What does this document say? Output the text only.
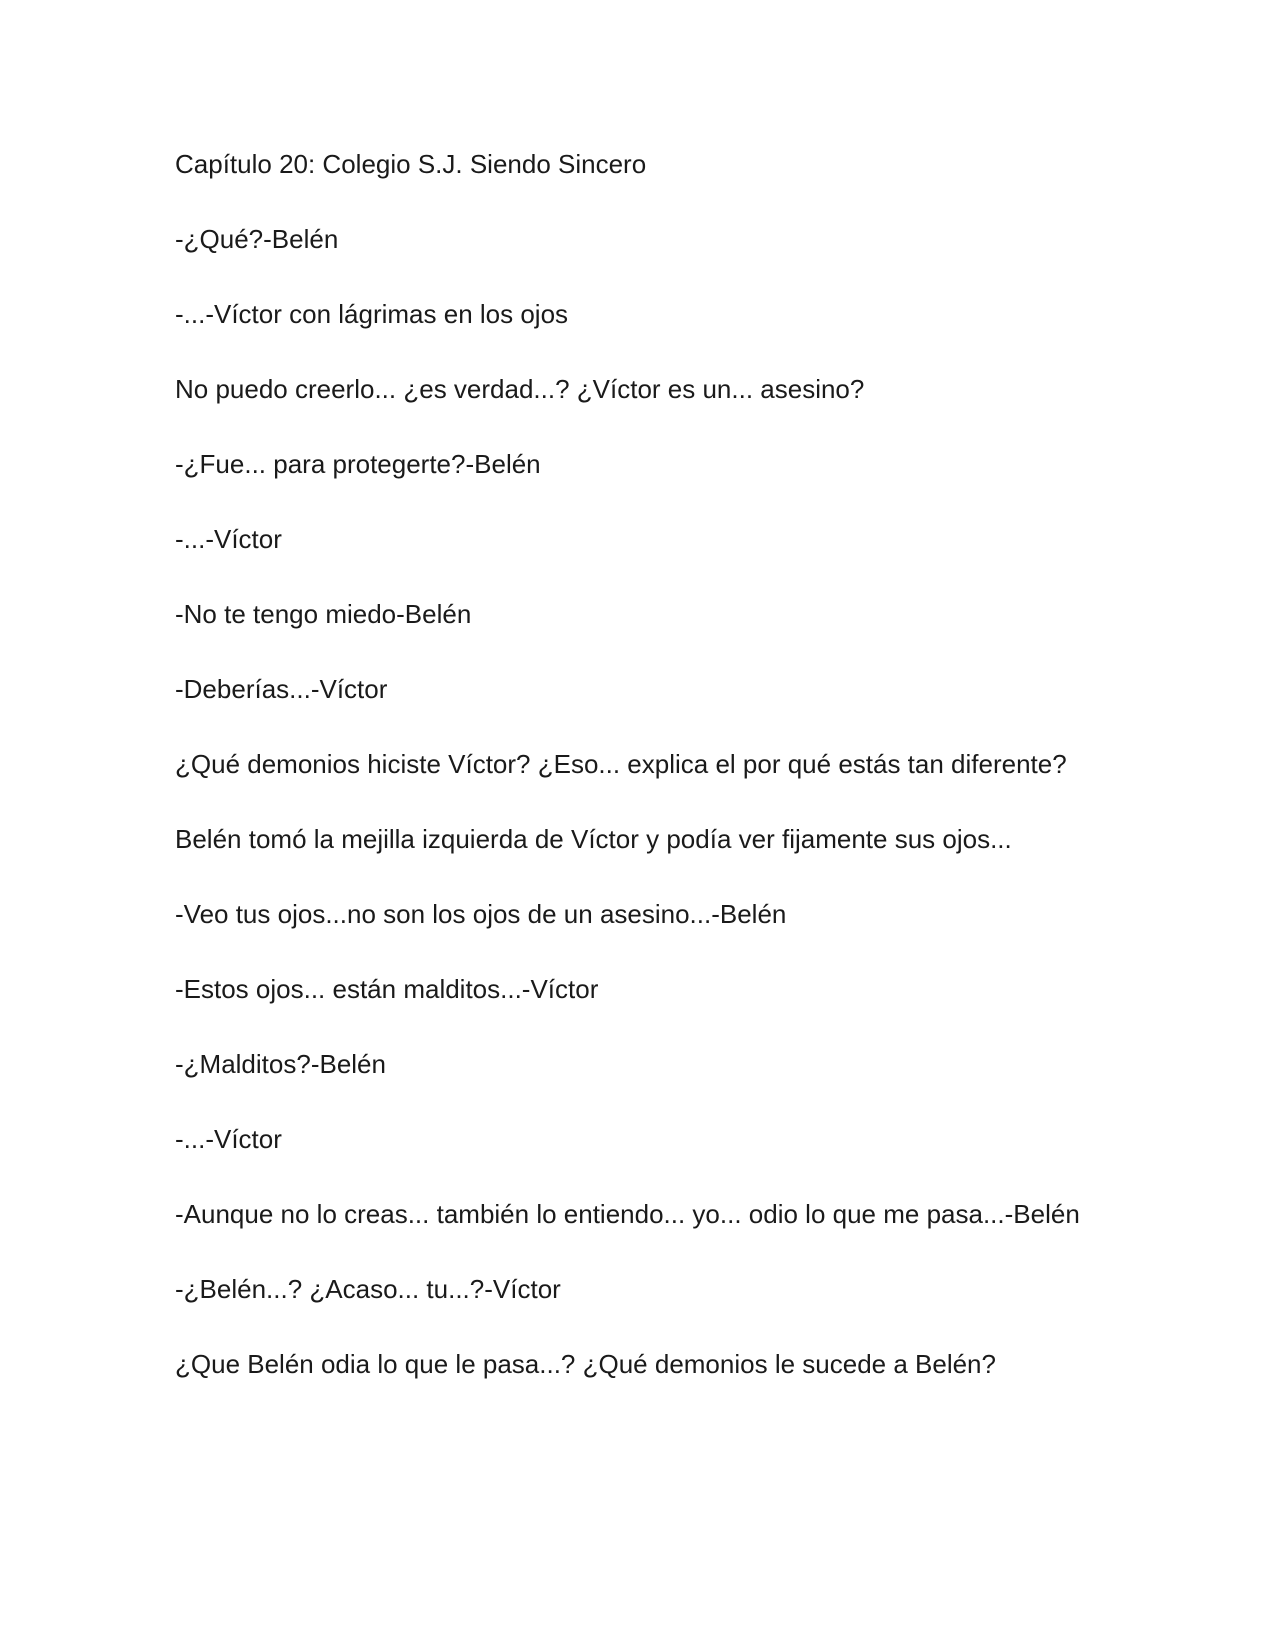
Capítulo 20: Colegio S.J. Siendo Sincero

-¿Qué?-Belén

-...-Víctor con lágrimas en los ojos

No puedo creerlo... ¿es verdad...? ¿Víctor es un... asesino?

-¿Fue... para protegerte?-Belén

-...-Víctor

-No te tengo miedo-Belén

-Deberías...-Víctor

¿Qué demonios hiciste Víctor? ¿Eso... explica el por qué estás tan diferente?

Belén tomó la mejilla izquierda de Víctor y podía ver fijamente sus ojos...

-Veo tus ojos...no son los ojos de un asesino...-Belén

-Estos ojos... están malditos...-Víctor

-¿Malditos?-Belén

-...-Víctor

-Aunque no lo creas... también lo entiendo... yo... odio lo que me pasa...-Belén

-¿Belén...? ¿Acaso... tu...?-Víctor

¿Que Belén odia lo que le pasa...? ¿Qué demonios le sucede a Belén?
